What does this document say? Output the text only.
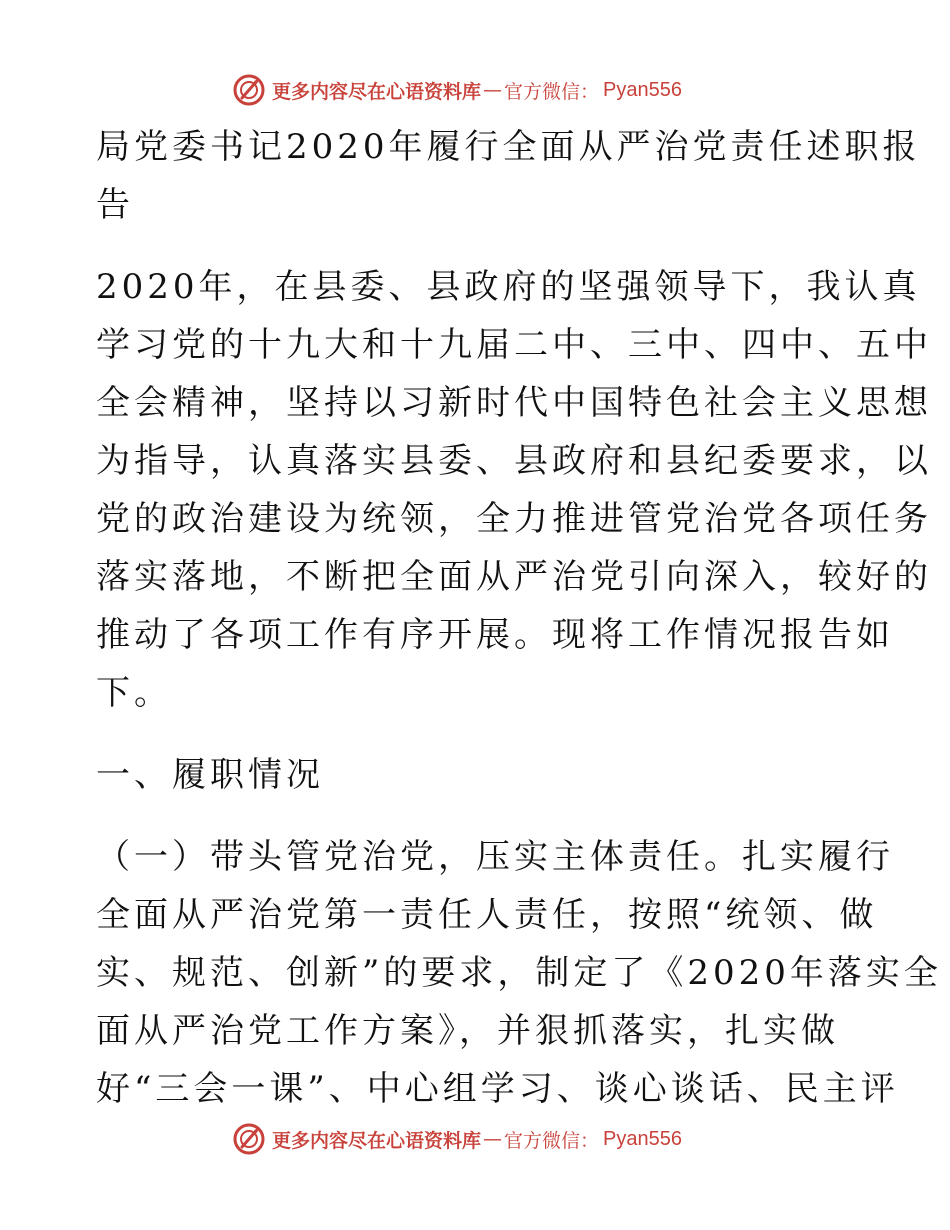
更多内容尽在心语资料库 — 官方微信 ： Pyan556
局党委书记2020年履行全面从严治党责任述职报
告
2020年，在县委、县政府的坚强领导下，我认真
学习党的十九大和十九届二中、三中、四中、五中
全会精神，坚持以习新时代中国特色社会主义思想
为指导，认真落实县委、县政府和县纪委要求，以
党的政治建设为统领，全力推进管党治党各项任务
落实落地，不断把全面从严治党引向深入，较好的
推动了各项工作有序开展。现将工作情况报告如
下。
一、履职情况
（一）带头管党治党，压实主体责任。扎实履行
全面从严治党第一责任人责任，按照“统领、做
实、规范、创新”的要求，制定了《2020年落实全
面从严治党工作方案》，并狠抓落实，扎实做
好“三会一课”、中心组学习、谈心谈话、民主评
更多内容尽在心语资料库 — 官方微信 ： Pyan556
